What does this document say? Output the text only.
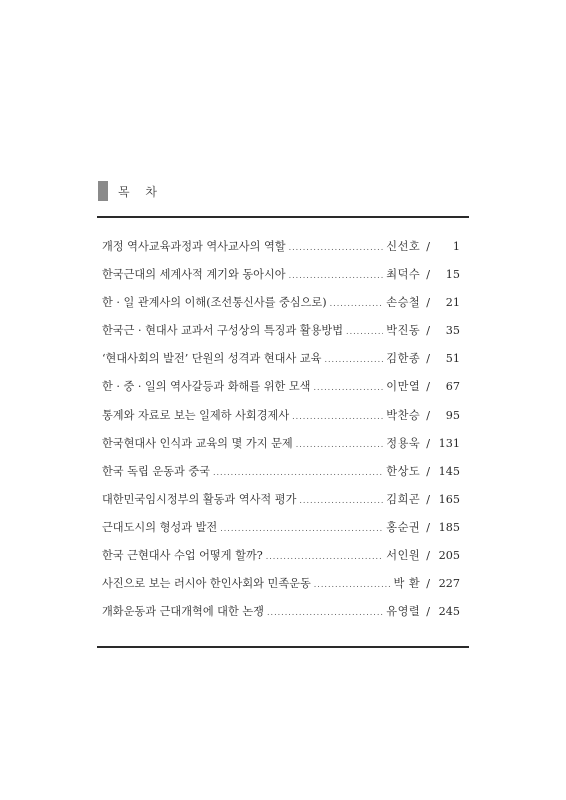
목 차
개정 역사교육과정과 역사교사의 역할 .....	신선호 /	1
한국근대의 세계사적 계기와 동아시아 .....	최덕수 /	15
한 · 일 관계사의 이해(조선통신사를 중심으로) .....	손승철 /	21
한국근 · 현대사 교과서 구성상의 특징과 활용방법 .....	박진동 /	35
‘현대사회의 발전’ 단원의 성격과 현대사 교육 .....	김한종 /	51
한 · 중 · 일의 역사갈등과 화해를 위한 모색 .....	이만열 /	67
통계와 자료로 보는 일제하 사회경제사 .....	박찬승 /	95
한국현대사 인식과 교육의 몇 가지 문제 .....	정용욱 / 131
한국 독립 운동과 중국 .....	한상도 / 145
대한민국임시정부의 활동과 역사적 평가 .....	김희곤 / 165
근대도시의 형성과 발전 .....	홍순권 / 185
한국 근현대사 수업 어떻게 할까? .....	서인원 / 205
사진으로 보는 러시아 한인사회와 민족운동 .....	박 환 / 227
개화운동과 근대개혁에 대한 논쟁 .....	유영렬 / 245
